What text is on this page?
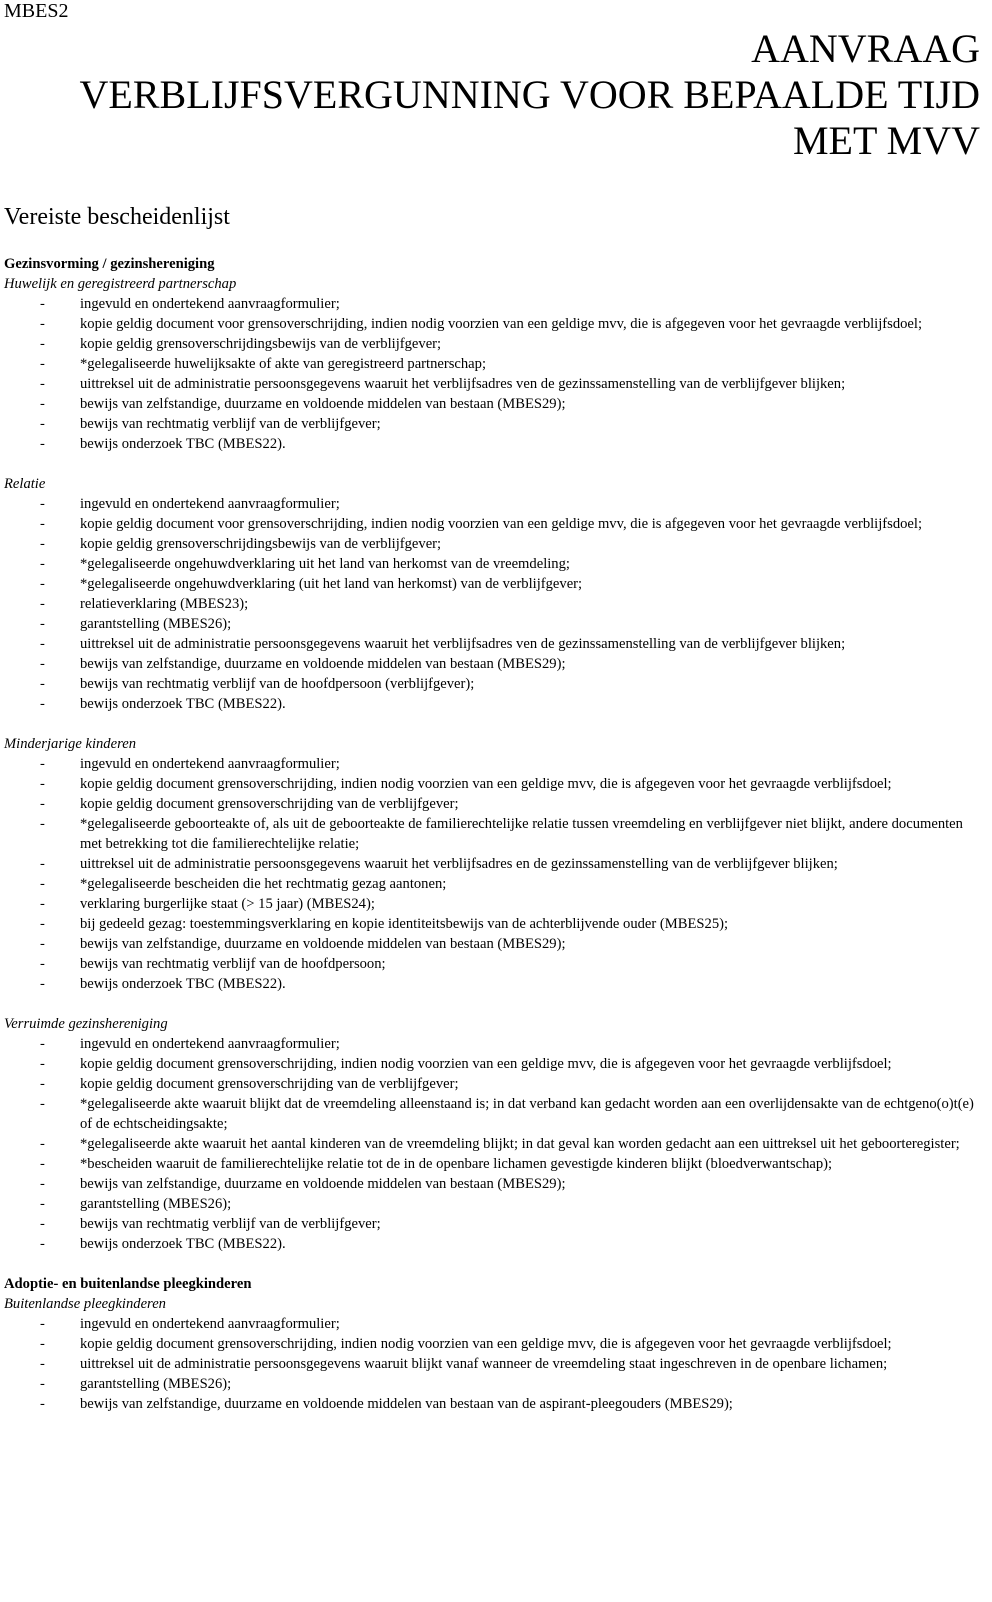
MBES2
AANVRAAG
VERBLIJFSVERGUNNING VOOR BEPAALDE TIJD
MET MVV
Vereiste bescheidenlijst
Gezinsvorming / gezinshereniging
Huwelijk en geregistreerd partnerschap
- ingevuld en ondertekend aanvraagformulier;
- kopie geldig document voor grensoverschrijding, indien nodig voorzien van een geldige mvv, die is afgegeven voor het gevraagde verblijfsdoel;
- kopie geldig grensoverschrijdingsbewijs van de verblijfgever;
- *gelegaliseerde huwelijksakte of akte van geregistreerd partnerschap;
- uittreksel uit de administratie persoonsgegevens waaruit het verblijfsadres ven de gezinssamenstelling van de verblijfgever blijken;
- bewijs van zelfstandige, duurzame en voldoende middelen van bestaan (MBES29);
- bewijs van rechtmatig verblijf van de verblijfgever;
- bewijs onderzoek TBC (MBES22).
Relatie
- ingevuld en ondertekend aanvraagformulier;
- kopie geldig document voor grensoverschrijding, indien nodig voorzien van een geldige mvv, die is afgegeven voor het gevraagde verblijfsdoel;
- kopie geldig grensoverschrijdingsbewijs van de verblijfgever;
- *gelegaliseerde ongehuwdverklaring uit het land van herkomst van de vreemdeling;
- *gelegaliseerde ongehuwdverklaring (uit het land van herkomst) van de verblijfgever;
- relatieverklaring (MBES23);
- garantstelling (MBES26);
- uittreksel uit de administratie persoonsgegevens waaruit het verblijfsadres ven de gezinssamenstelling van de verblijfgever blijken;
- bewijs van zelfstandige, duurzame en voldoende middelen van bestaan (MBES29);
- bewijs van rechtmatig verblijf van de hoofdpersoon (verblijfgever);
- bewijs onderzoek TBC (MBES22).
Minderjarige kinderen
- ingevuld en ondertekend aanvraagformulier;
- kopie geldig document grensoverschrijding, indien nodig voorzien van een geldige mvv, die is afgegeven voor het gevraagde verblijfsdoel;
- kopie geldig document grensoverschrijding van de verblijfgever;
- *gelegaliseerde geboorteakte of, als uit de geboorteakte de familierechtelijke relatie tussen vreemdeling en verblijfgever niet blijkt, andere documenten met betrekking tot die familierechtelijke relatie;
- uittreksel uit de administratie persoonsgegevens waaruit het verblijfsadres en de gezinssamenstelling van de verblijfgever blijken;
- *gelegaliseerde bescheiden die het rechtmatig gezag aantonen;
- verklaring burgerlijke staat (> 15 jaar) (MBES24);
- bij gedeeld gezag: toestemmingsverklaring en kopie identiteitsbewijs van de achterblijvende ouder (MBES25);
- bewijs van zelfstandige, duurzame en voldoende middelen van bestaan (MBES29);
- bewijs van rechtmatig verblijf van de hoofdpersoon;
- bewijs onderzoek TBC (MBES22).
Verruimde gezinshereniging
- ingevuld en ondertekend aanvraagformulier;
- kopie geldig document grensoverschrijding, indien nodig voorzien van een geldige mvv, die is afgegeven voor het gevraagde verblijfsdoel;
- kopie geldig document grensoverschrijding van de verblijfgever;
- *gelegaliseerde akte waaruit blijkt dat de vreemdeling alleenstaand is; in dat verband kan gedacht worden aan een overlijdensakte van de echtgeno(o)t(e) of de echtscheidingsakte;
- *gelegaliseerde akte waaruit het aantal kinderen van de vreemdeling blijkt; in dat geval kan worden gedacht aan een uittreksel uit het geboorteregister;
- *bescheiden waaruit de familierechtelijke relatie tot de in de openbare lichamen gevestigde kinderen blijkt (bloedverwantschap);
- bewijs van zelfstandige, duurzame en voldoende middelen van bestaan (MBES29);
- garantstelling (MBES26);
- bewijs van rechtmatig verblijf van de verblijfgever;
- bewijs onderzoek TBC (MBES22).
Adoptie- en buitenlandse pleegkinderen
Buitenlandse pleegkinderen
- ingevuld en ondertekend aanvraagformulier;
- kopie geldig document grensoverschrijding, indien nodig voorzien van een geldige mvv, die is afgegeven voor het gevraagde verblijfsdoel;
- uittreksel uit de administratie persoonsgegevens waaruit blijkt vanaf wanneer de vreemdeling staat ingeschreven in de openbare lichamen;
- garantstelling (MBES26);
- bewijs van zelfstandige, duurzame en voldoende middelen van bestaan van de aspirant-pleegouders (MBES29);
